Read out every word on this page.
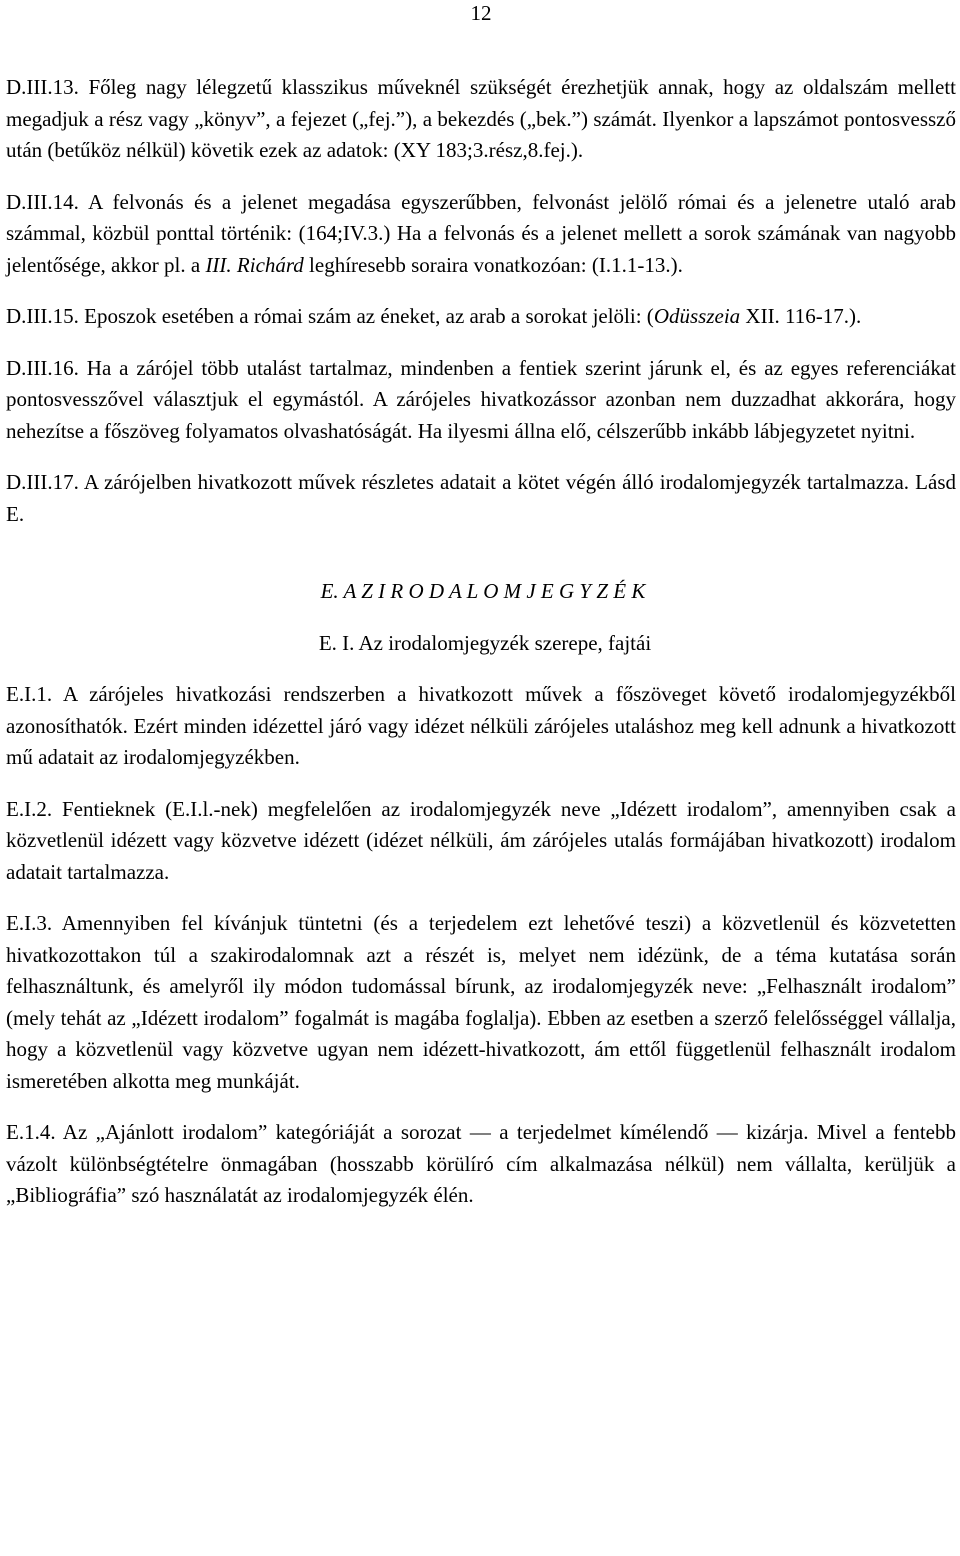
12

D.III.13. Főleg nagy lélegzetű klasszikus műveknél szükségét érezhetjük annak, hogy az oldalszám mellett megadjuk a rész vagy „könyv”, a fejezet („fej.”), a bekezdés („bek.”) számát. Ilyenkor a lapszámot pontosvessző után (betűköz nélkül) követik ezek az adatok: (XY 183;3.rész,8.fej.).

D.III.14. A felvonás és a jelenet megadása egyszerűbben, felvonást jelölő római és a jelenetre utaló arab számmal, közbül ponttal történik: (164;IV.3.) Ha a felvonás és a jelenet mellett a sorok számának van nagyobb jelentősége, akkor pl. a III. Richárd leghíresebb soraira vonatkozóan: (I.1.1-13.).

D.III.15. Eposzok esetében a római szám az éneket, az arab a sorokat jelöli: (Odüsszeia XII. 116-17.).

D.III.16. Ha a zárójel több utalást tartalmaz, mindenben a fentiek szerint járunk el, és az egyes referenciákat pontosvesszővel választjuk el egymástól. A zárójeles hivatkozássor azonban nem duzzadhat akkorára, hogy nehezítse a főszöveg folyamatos olvashatóságát. Ha ilyesmi állna elő, célszerűbb inkább lábjegyzetet nyitni.

D.III.17. A zárójelben hivatkozott művek részletes adatait a kötet végén álló irodalomjegyzék tartalmazza. Lásd E.

E. A Z I R O D A L O M J E G Y Z É K
E. I. Az irodalomjegyzék szerepe, fajtái

E.I.1. A zárójeles hivatkozási rendszerben a hivatkozott művek a főszöveget követő irodalomjegyzékből azonosíthatók. Ezért minden idézettel járó vagy idézet nélküli zárójeles utaláshoz meg kell adnunk a hivatkozott mű adatait az irodalomjegyzékben.

E.I.2. Fentieknek (E.I.l.-nek) megfelelően az irodalomjegyzék neve „Idézett irodalom”, amennyiben csak a közvetlenül idézett vagy közvetve idézett (idézet nélküli, ám zárójeles utalás formájában hivatkozott) irodalom adatait tartalmazza.

E.I.3. Amennyiben fel kívánjuk tüntetni (és a terjedelem ezt lehetővé teszi) a közvetlenül és közvetetten hivatkozottakon túl a szakirodalomnak azt a részét is, melyet nem idézünk, de a téma kutatása során felhasználtunk, és amelyről ily módon tudomással bírunk, az irodalomjegyzék neve: „Felhasznált irodalom” (mely tehát az „Idézett irodalom” fogalmát is magába foglalja). Ebben az esetben a szerző felelősséggel vállalja, hogy a közvetlenül vagy közvetve ugyan nem idézett-hivatkozott, ám ettől függetlenül felhasznált irodalom ismeretében alkotta meg munkáját.

E.1.4. Az „Ajánlott irodalom” kategóriáját a sorozat — a terjedelmet kímélendő — kizárja. Mivel a fentebb vázolt különbségtételre önmagában (hosszabb körülíró cím alkalmazása nélkül) nem vállalta, kerüljük a „Bibliográfia” szó használatát az irodalomjegyzék élén.
